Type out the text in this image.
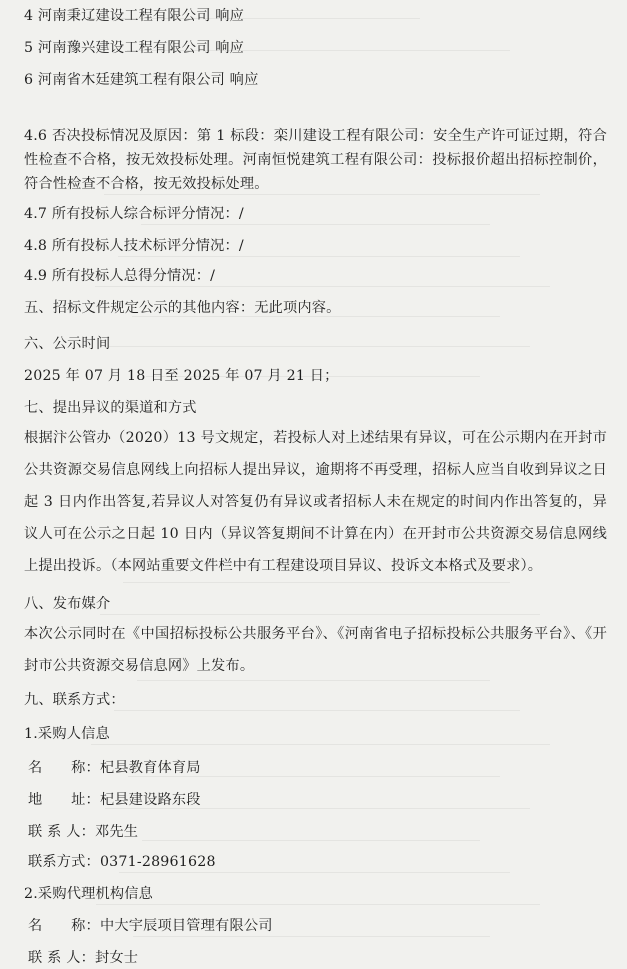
4 河南秉辽建设工程有限公司 响应
5 河南豫兴建设工程有限公司 响应
6 河南省木廷建筑工程有限公司 响应
4.6 否决投标情况及原因：第 1 标段：栾川建设工程有限公司：安全生产许可证过期，符合
性检查不合格，按无效投标处理。河南恒悦建筑工程有限公司：投标报价超出招标控制价，
符合性检查不合格，按无效投标处理。
4.7 所有投标人综合标评分情况：/
4.8 所有投标人技术标评分情况：/
4.9 所有投标人总得分情况：/
五、招标文件规定公示的其他内容：无此项内容。
六、公示时间
2025 年 07 月 18 日至 2025 年 07 月 21 日；
七、提出异议的渠道和方式
根据汴公管办（2020）13 号文规定，若投标人对上述结果有异议，可在公示期内在开封市
公共资源交易信息网线上向招标人提出异议，逾期将不再受理，招标人应当自收到异议之日
起 3 日内作出答复,若异议人对答复仍有异议或者招标人未在规定的时间内作出答复的，异
议人可在公示之日起 10 日内（异议答复期间不计算在内）在开封市公共资源交易信息网线
上提出投诉。（本网站重要文件栏中有工程建设项目异议、投诉文本格式及要求）。
八、发布媒介
本次公示同时在《中国招标投标公共服务平台》、《河南省电子招标投标公共服务平台》、《开
封市公共资源交易信息网》上发布。
九、联系方式：
1.采购人信息
名　　称：杞县教育体育局
地　　址：杞县建设路东段
联 系 人：邓先生
联系方式：0371-28961628
2.采购代理机构信息
名　　称：中大宇辰项目管理有限公司
联 系 人：封女士
